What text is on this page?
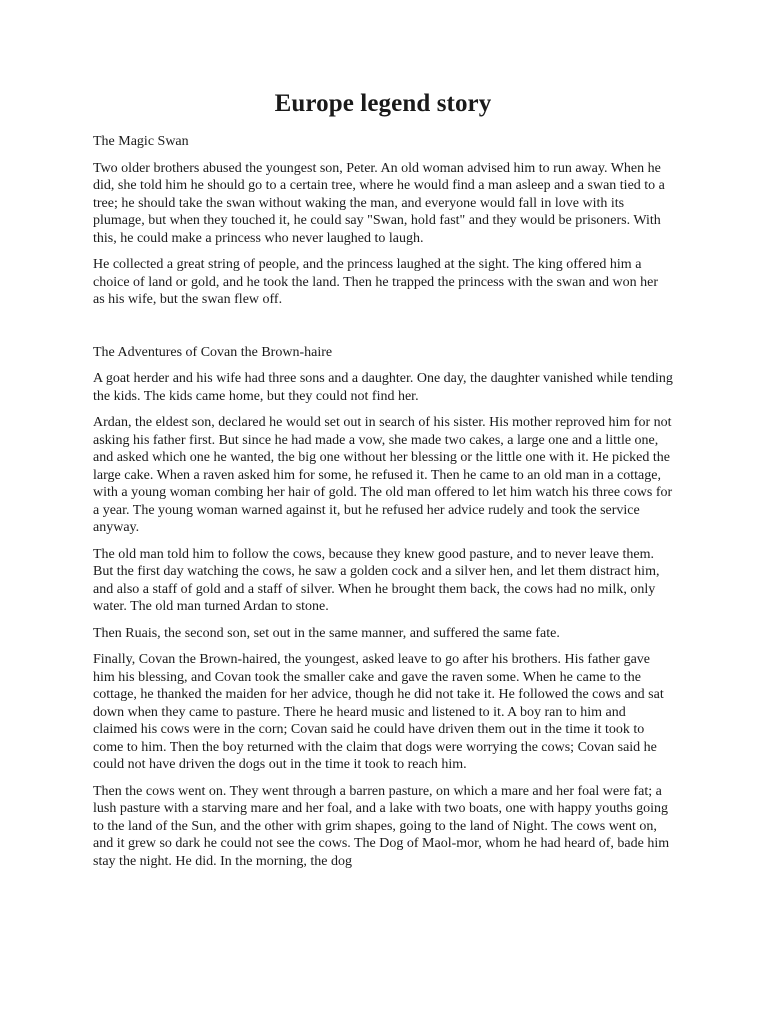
Europe legend story

The Magic Swan

Two older brothers abused the youngest son, Peter. An old woman advised him to run away. When he did, she told him he should go to a certain tree, where he would find a man asleep and a swan tied to a tree; he should take the swan without waking the man, and everyone would fall in love with its plumage, but when they touched it, he could say "Swan, hold fast" and they would be prisoners. With this, he could make a princess who never laughed to laugh.

He collected a great string of people, and the princess laughed at the sight. The king offered him a choice of land or gold, and he took the land. Then he trapped the princess with the swan and won her as his wife, but the swan flew off.

The Adventures of Covan the Brown-haire

A goat herder and his wife had three sons and a daughter. One day, the daughter vanished while tending the kids. The kids came home, but they could not find her.

Ardan, the eldest son, declared he would set out in search of his sister. His mother reproved him for not asking his father first. But since he had made a vow, she made two cakes, a large one and a little one, and asked which one he wanted, the big one without her blessing or the little one with it. He picked the large cake. When a raven asked him for some, he refused it. Then he came to an old man in a cottage, with a young woman combing her hair of gold. The old man offered to let him watch his three cows for a year. The young woman warned against it, but he refused her advice rudely and took the service anyway.

The old man told him to follow the cows, because they knew good pasture, and to never leave them. But the first day watching the cows, he saw a golden cock and a silver hen, and let them distract him, and also a staff of gold and a staff of silver. When he brought them back, the cows had no milk, only water. The old man turned Ardan to stone.

Then Ruais, the second son, set out in the same manner, and suffered the same fate.

Finally, Covan the Brown-haired, the youngest, asked leave to go after his brothers. His father gave him his blessing, and Covan took the smaller cake and gave the raven some. When he came to the cottage, he thanked the maiden for her advice, though he did not take it. He followed the cows and sat down when they came to pasture. There he heard music and listened to it. A boy ran to him and claimed his cows were in the corn; Covan said he could have driven them out in the time it took to come to him. Then the boy returned with the claim that dogs were worrying the cows; Covan said he could not have driven the dogs out in the time it took to reach him.

Then the cows went on. They went through a barren pasture, on which a mare and her foal were fat; a lush pasture with a starving mare and her foal, and a lake with two boats, one with happy youths going to the land of the Sun, and the other with grim shapes, going to the land of Night. The cows went on, and it grew so dark he could not see the cows. The Dog of Maol-mor, whom he had heard of, bade him stay the night. He did. In the morning, the dog
